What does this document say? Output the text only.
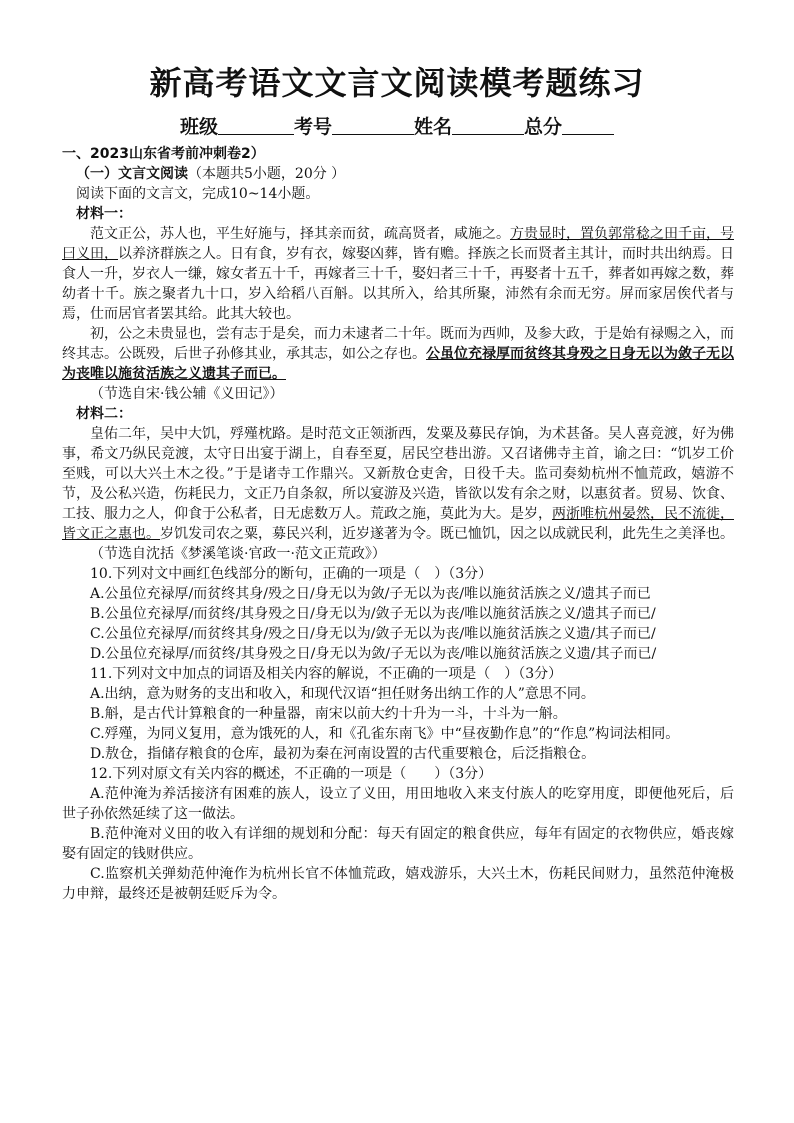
新高考语文文言文阅读模考题练习
班级	考号	姓名	总分

一、2023山东省考前冲刺卷2）

（一）文言文阅读（本题共5小题，20分 ）

阅读下面的文言文，完成10~14小题。

材料一：

范文正公，苏人也，平生好施与，择其亲而贫，疏高贤者，咸施之。方贵显时，置负郭常稔之田千亩，号曰义田，以养济群族之人。日有食，岁有衣，嫁娶凶葬，皆有赡。择族之长而贤者主其计，而时共出纳焉。日食人一升，岁衣人一缣，嫁女者五十千，再嫁者三十千，娶妇者三十千，再娶者十五千，葬者如再嫁之数，葬幼者十千。族之聚者九十口，岁入给稻八百斛。以其所入，给其所聚，沛然有余而无穷。屏而家居俟代者与焉，仕而居官者罢其给。此其大较也。

初，公之未贵显也，尝有志于是矣，而力未逮者二十年。既而为西帅，及参大政，于是始有禄赐之入，而终其志。公既殁，后世子孙修其业，承其志，如公之存也。公虽位充禄厚而贫终其身殁之日身无以为敛子无以为丧唯以施贫活族之义遗其子而已。

（节选自宋·钱公辅《义田记》）

材料二：

皇佑二年，吴中大饥，殍殣枕路。是时范文正领浙西，发粟及募民存饷，为术甚备。吴人喜竞渡，好为佛事，希文乃纵民竞渡，太守日出宴于湖上，自春至夏，居民空巷出游。又召诸佛寺主首，谕之曰：“饥岁工价至贱，可以大兴土木之役。”于是诸寺工作鼎兴。又新敖仓吏舍，日役千夫。监司奏劾杭州不恤荒政，嬉游不节，及公私兴造，伤耗民力，文正乃自条叙，所以宴游及兴造，皆欲以发有余之财，以惠贫者。贸易、饮食、工技、服力之人，仰食于公私者，日无虑数万人。荒政之施，莫此为大。是岁，两浙唯杭州晏然，民不流徙，皆文正之惠也。岁饥发司农之粟，募民兴利，近岁遂著为令。既已恤饥，因之以成就民利，此先生之美泽也。

（节选自沈括《梦溪笔谈·官政一·范文正荒政》）

10.下列对文中画红色线部分的断句，正确的一项是（　）（3分）

A.公虽位充禄厚/而贫终其身/殁之日/身无以为敛/子无以为丧/唯以施贫活族之义/遗其子而已

B.公虽位充禄厚/而贫终/其身殁之日/身无以为/敛子无以为丧/唯以施贫活族之义/遗其子而已/

C.公虽位充禄厚/而贫终其身/殁之日/身无以为/敛子无以为丧/唯以施贫活族之义遗/其子而已/

D.公虽位充禄厚/而贫终/其身殁之日/身无以为敛/子无以为丧/唯以施贫活族之义遗/其子而已/

11.下列对文中加点的词语及相关内容的解说，不正确的一项是（　）（3分）

A.出纳，意为财务的支出和收入，和现代汉语“担任财务出纳工作的人”意思不同。

B.斛，是古代计算粮食的一种量器，南宋以前大约十升为一斗，十斗为一斛。

C.殍殣，为同义复用，意为饿死的人，和《孔雀东南飞》中“昼夜勤作息”的“作息”构词法相同。

D.敖仓，指储存粮食的仓库，最初为秦在河南设置的古代重要粮仓，后泛指粮仓。

12.下列对原文有关内容的概述，不正确的一项是（　　）（3分）

A.范仲淹为养活接济有困难的族人，设立了义田，用田地收入来支付族人的吃穿用度，即便他死后，后世子孙依然延续了这一做法。

B.范仲淹对义田的收入有详细的规划和分配：每天有固定的粮食供应，每年有固定的衣物供应，婚丧嫁娶有固定的钱财供应。

C.监察机关弹劾范仲淹作为杭州长官不体恤荒政，嬉戏游乐，大兴土木，伤耗民间财力，虽然范仲淹极力申辩，最终还是被朝廷贬斥为令。
